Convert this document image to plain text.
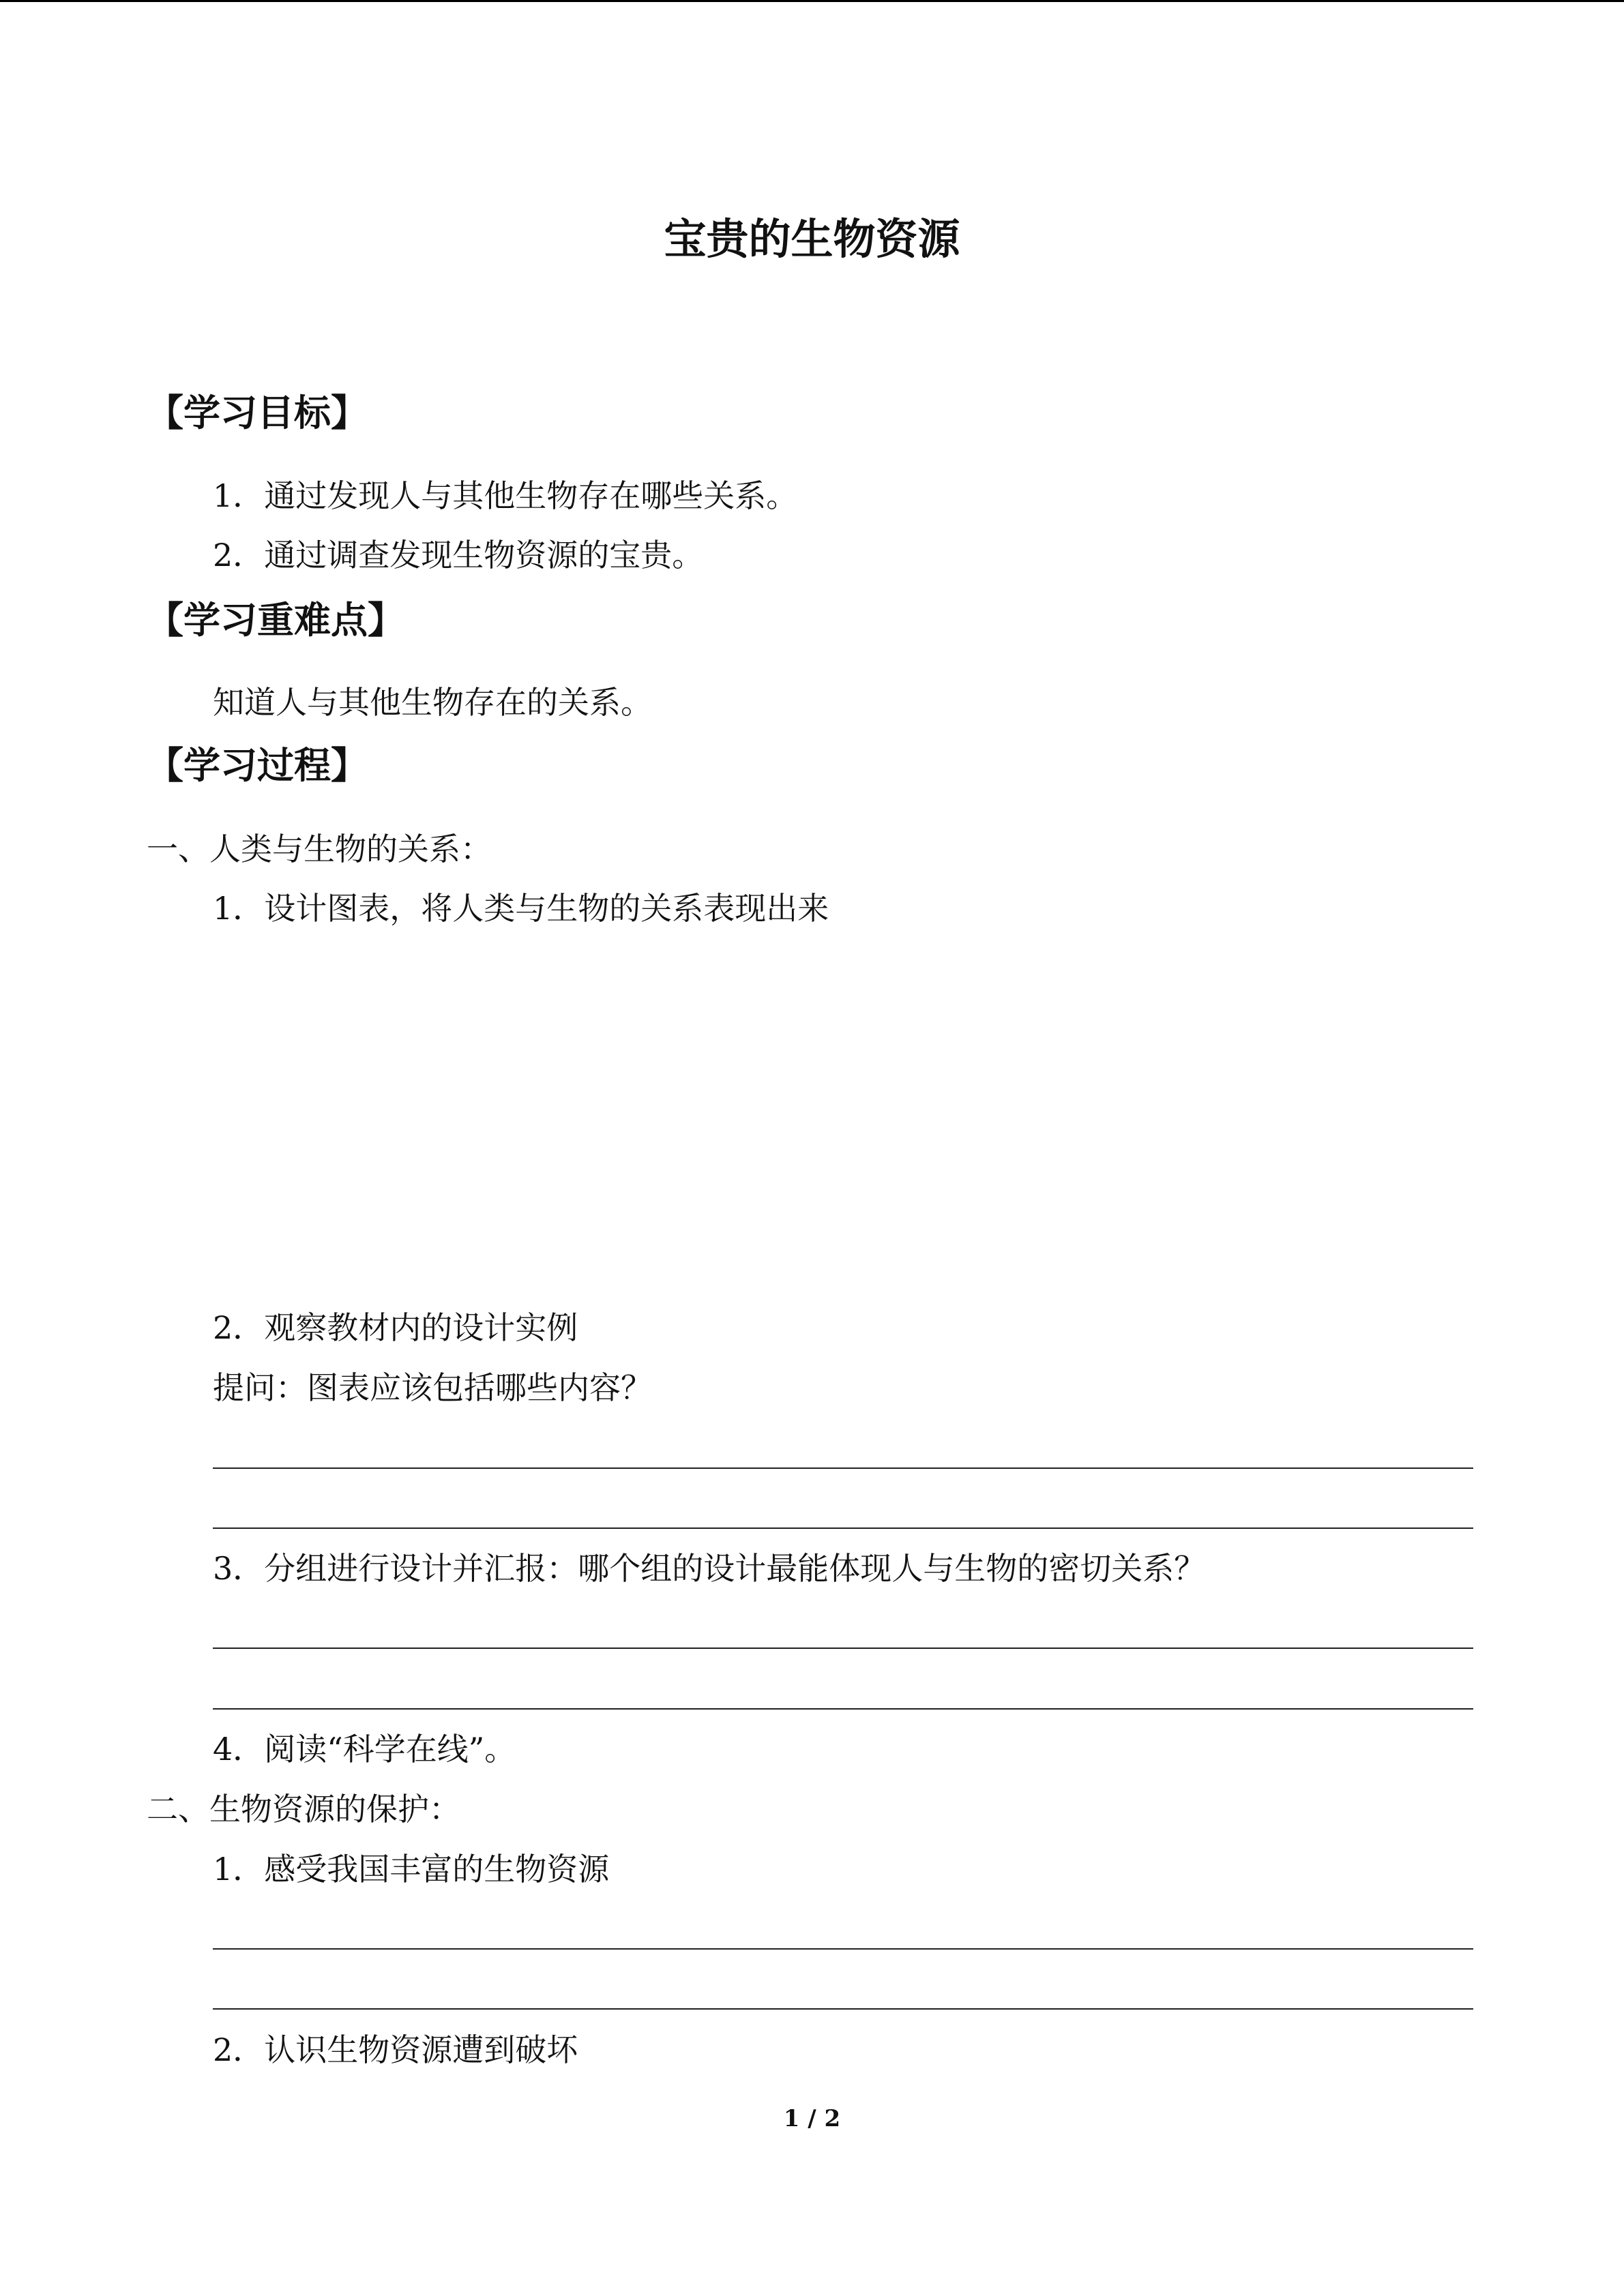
宝贵的生物资源
【学习目标】
1．通过发现人与其他生物存在哪些关系。
2．通过调查发现生物资源的宝贵。
【学习重难点】
知道人与其他生物存在的关系。
【学习过程】
一、人类与生物的关系：
1．设计图表，将人类与生物的关系表现出来
2．观察教材内的设计实例
提问：图表应该包括哪些内容？
3．分组进行设计并汇报：哪个组的设计最能体现人与生物的密切关系？
4．阅读“科学在线”。
二、生物资源的保护：
1．感受我国丰富的生物资源
2．认识生物资源遭到破坏
1 / 2
